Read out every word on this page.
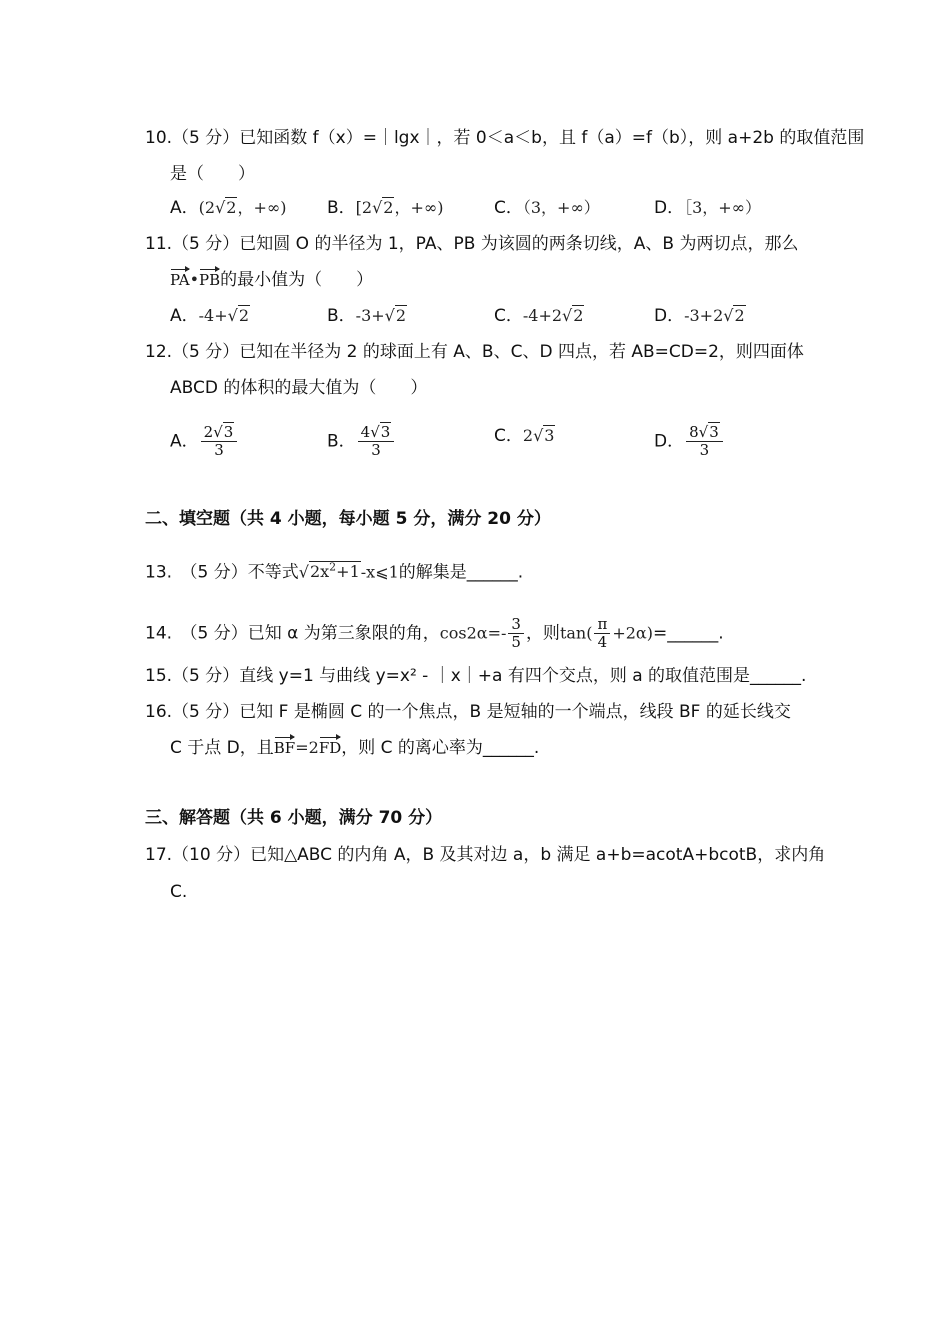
10.（5 分）已知函数 f（x）=｜lgx｜，若 0＜a＜b，且 f（a）=f（b），则 a+2b 的取值范围
是（　　）
A．(2√2，+∞) B．[2√2，+∞)	C．（3，+∞）	D．［3，+∞）
11.（5 分）已知圆 O 的半径为 1，PA、PB 为该圆的两条切线，A、B 为两切点，那么
PA•PB的最小值为（　　）
A．-4+√2	B．-3+√2	C．-4+2√2	D．-3+2√2
12.（5 分）已知在半径为 2 的球面上有 A、B、C、D 四点，若 AB=CD=2，则四面体
ABCD 的体积的最大值为（　　）
A． $\frac{2√3}{3}$	B． $\frac{4√3}{3}$	C．2√3	D． $\frac{8√3}{3}$
二、填空题（共 4 小题，每小题 5 分，满分 20 分）
13.　（5 分）不等式$√2x^2+1-x⩽1$的解集是______.
14.　（5 分）已知 α 为第三象限的角，$\cos 2\alpha=- \frac{3}{5}$ ，则$\tan( \frac{\pi}{4}$ +2α)=______.
15.（5 分）直线 y=1 与曲线 y=x² - ｜x｜+a 有四个交点，则 a 的取值范围是______.
16.（5 分）已知 F 是椭圆 C 的一个焦点，B 是短轴的一个端点，线段 BF 的延长线交
C 于点 D，且BF=2FD，则 C 的离心率为______.
三、解答题（共 6 小题，满分 70 分）
17.（10 分）已知△ABC 的内角 A，B 及其对边 a，b 满足 a+b=acotA+bcotB，求内角
C.
